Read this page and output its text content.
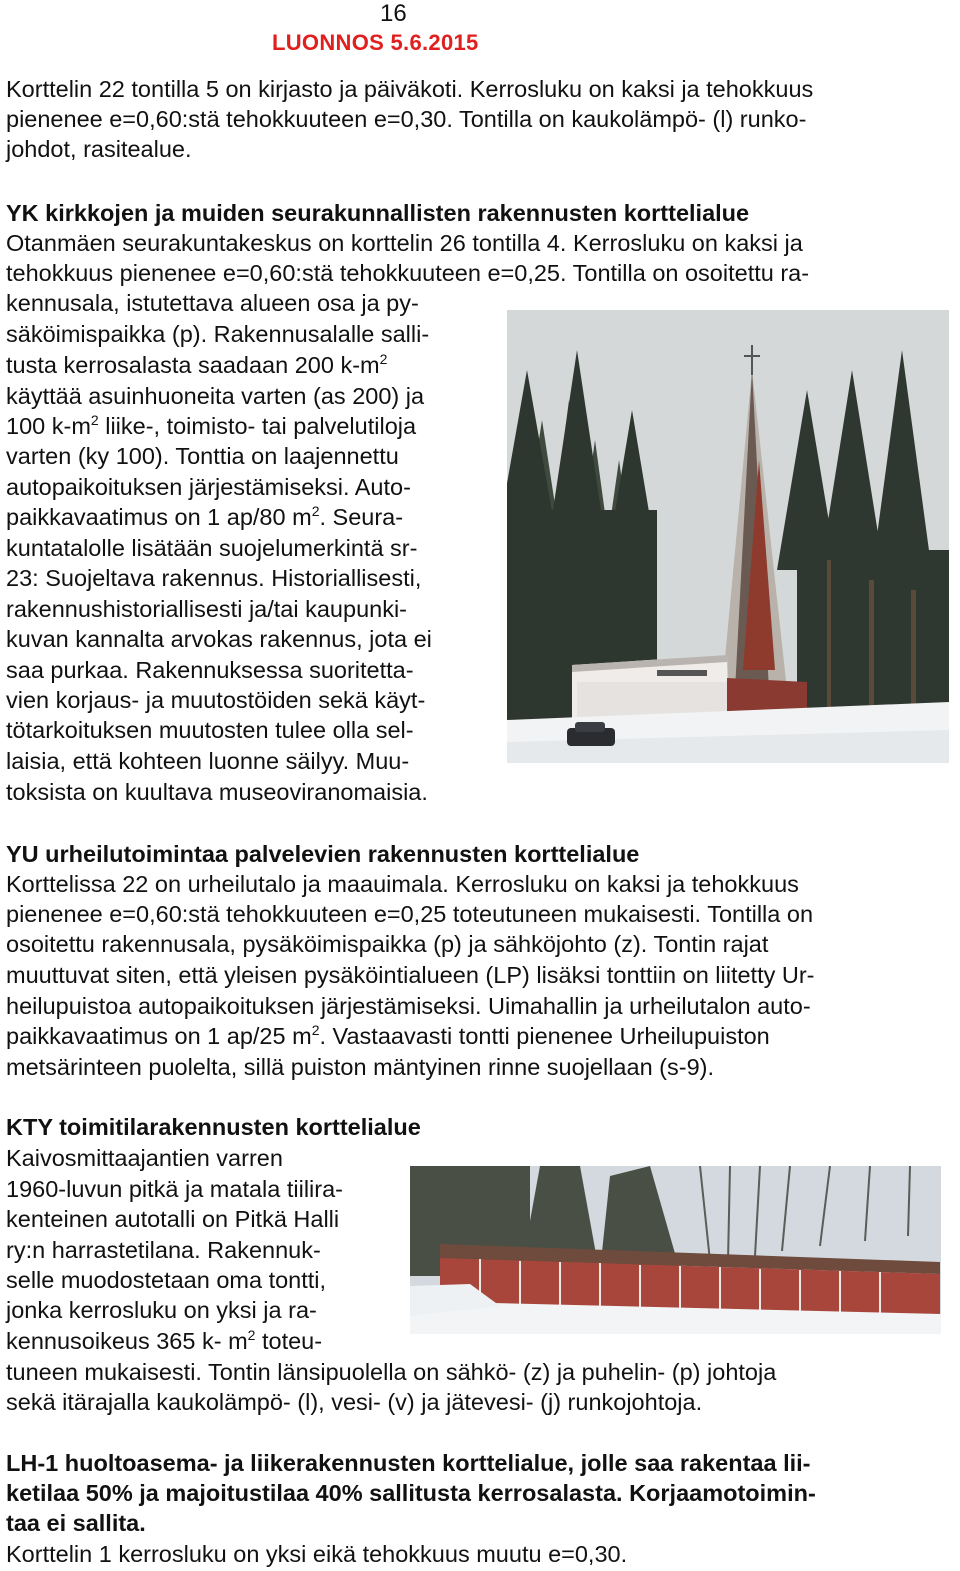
16
LUONNOS 5.6.2015
Korttelin 22 tontilla 5 on kirjasto ja päiväkoti. Kerrosluku on kaksi ja tehokkuus
pienenee e=0,60:stä tehokkuuteen e=0,30. Tontilla on kaukolämpö- (l) runko-
johdot, rasitealue.
YK kirkkojen ja muiden seurakunnallisten rakennusten korttelialue
Otanmäen seurakuntakeskus on korttelin 26 tontilla 4. Kerrosluku on kaksi ja
tehokkuus pienenee e=0,60:stä tehokkuuteen e=0,25. Tontilla on osoitettu ra-
kennusala, istutettava alueen osa ja py-
säköimispaikka (p). Rakennusalalle salli-
tusta kerrosalasta saadaan 200 $k-m^2$
käyttää asuinhuoneita varten (as 200) ja
100 $k-m^2$ liike-, toimisto- tai palvelutiloja
varten (ky 100). Tonttia on laajennettu
autopaikoituksen järjestämiseksi. Auto-
paikkavaatimus on 1 ap/80 $m^2$. Seura-
kuntatalolle lisätään suojelumerkintä sr-
23: Suojeltava rakennus. Historiallisesti,
rakennushistoriallisesti ja/tai kaupunki-
kuvan kannalta arvokas rakennus, jota ei
saa purkaa. Rakennuksessa suoritetta-
vien korjaus- ja muutostöiden sekä käyt-
tötarkoituksen muutosten tulee olla sel-
laisia, että kohteen luonne säilyy. Muu-
toksista on kuultava museoviranomaisia.
YU urheilutoimintaa palvelevien rakennusten korttelialue
Korttelissa 22 on urheilutalo ja maauimala. Kerrosluku on kaksi ja tehokkuus
pienenee e=0,60:stä tehokkuuteen e=0,25 toteutuneen mukaisesti. Tontilla on
osoitettu rakennusala, pysäköimispaikka (p) ja sähköjohto (z). Tontin rajat
muuttuvat siten, että yleisen pysäköintialueen (LP) lisäksi tonttiin on liitetty Ur-
heilupuistoa autopaikoituksen järjestämiseksi. Uimahallin ja urheilutalon auto-
paikkavaatimus on 1 ap/25 $m^2$. Vastaavasti tontti pienenee Urheilupuiston
metsärinteen puolelta, sillä puiston mäntyinen rinne suojellaan (s-9).
KTY toimitilarakennusten korttelialue
Kaivosmittaajantien varren
1960-luvun pitkä ja matala tiilira-
kenteinen autotalli on Pitkä Halli
ry:n harrastetilana. Rakennuk-
selle muodostetaan oma tontti,
jonka kerrosluku on yksi ja ra-
kennusoikeus 365 k- $m^2$ toteu-
tuneen mukaisesti. Tontin länsipuolella on sähkö- (z) ja puhelin- (p) johtoja
sekä itärajalla kaukolämpö- (l), vesi- (v) ja jätevesi- (j) runkojohtoja.
LH-1 huoltoasema- ja liikerakennusten korttelialue, jolle saa rakentaa lii-
ketilaa 50% ja majoitustilaa 40% sallitusta kerrosalasta. Korjaamotoimin-
taa ei sallita.
Korttelin 1 kerrosluku on yksi eikä tehokkuus muutu e=0,30.
